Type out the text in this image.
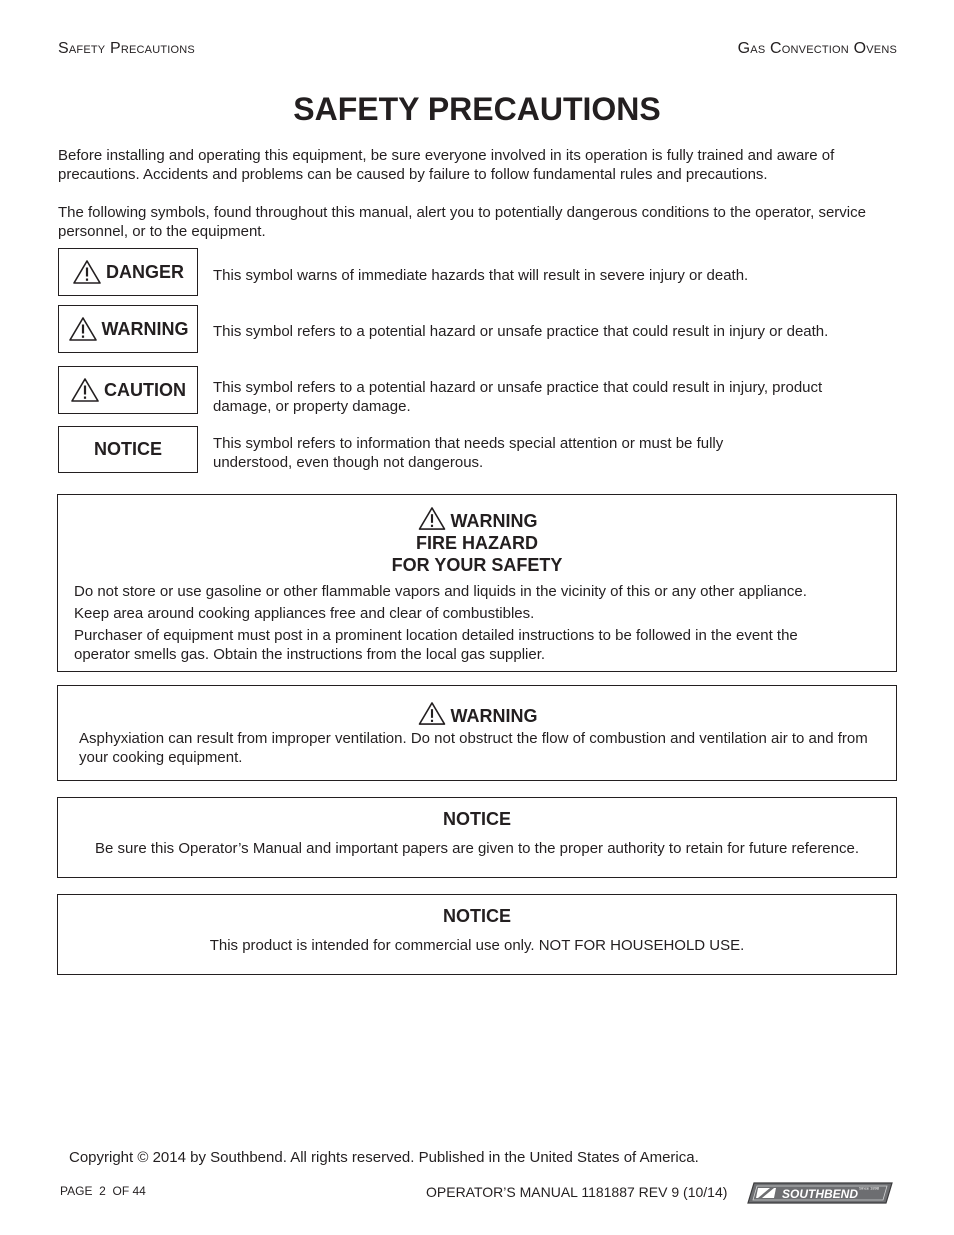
Safety Precautions	Gas Convection Ovens
SAFETY PRECAUTIONS
Before installing and operating this equipment, be sure everyone involved in its operation is fully trained and aware of precautions. Accidents and problems can be caused by failure to follow fundamental rules and precautions.
The following symbols, found throughout this manual, alert you to potentially dangerous conditions to the operator, service personnel, or to the equipment.
DANGER This symbol warns of immediate hazards that will result in severe injury or death.
WARNING This symbol refers to a potential hazard or unsafe practice that could result in injury or death.
CAUTION This symbol refers to a potential hazard or unsafe practice that could result in injury, product damage, or property damage.
NOTICE	This symbol refers to information that needs special attention or must be fully understood, even though not dangerous.
WARNING
FIRE HAZARD
FOR YOUR SAFETY
Do not store or use gasoline or other flammable vapors and liquids in the vicinity of this or any other appliance.
Keep area around cooking appliances free and clear of combustibles.
Purchaser of equipment must post in a prominent location detailed instructions to be followed in the event the operator smells gas. Obtain the instructions from the local gas supplier.
WARNING
Asphyxiation can result from improper ventilation. Do not obstruct the flow of combustion and ventilation air to and from your cooking equipment.
NOTICE
Be sure this Operator’s Manual and important papers are given to the proper authority to retain for future reference.
NOTICE
This product is intended for commercial use only. NOT FOR HOUSEHOLD USE.
Copyright © 2014 by Southbend. All rights reserved. Published in the United States of America.
PAGE 2 OF 44	OPERATOR’S MANUAL 1181887 REV 9 (10/14)	SOUTHBEND Since 1898
